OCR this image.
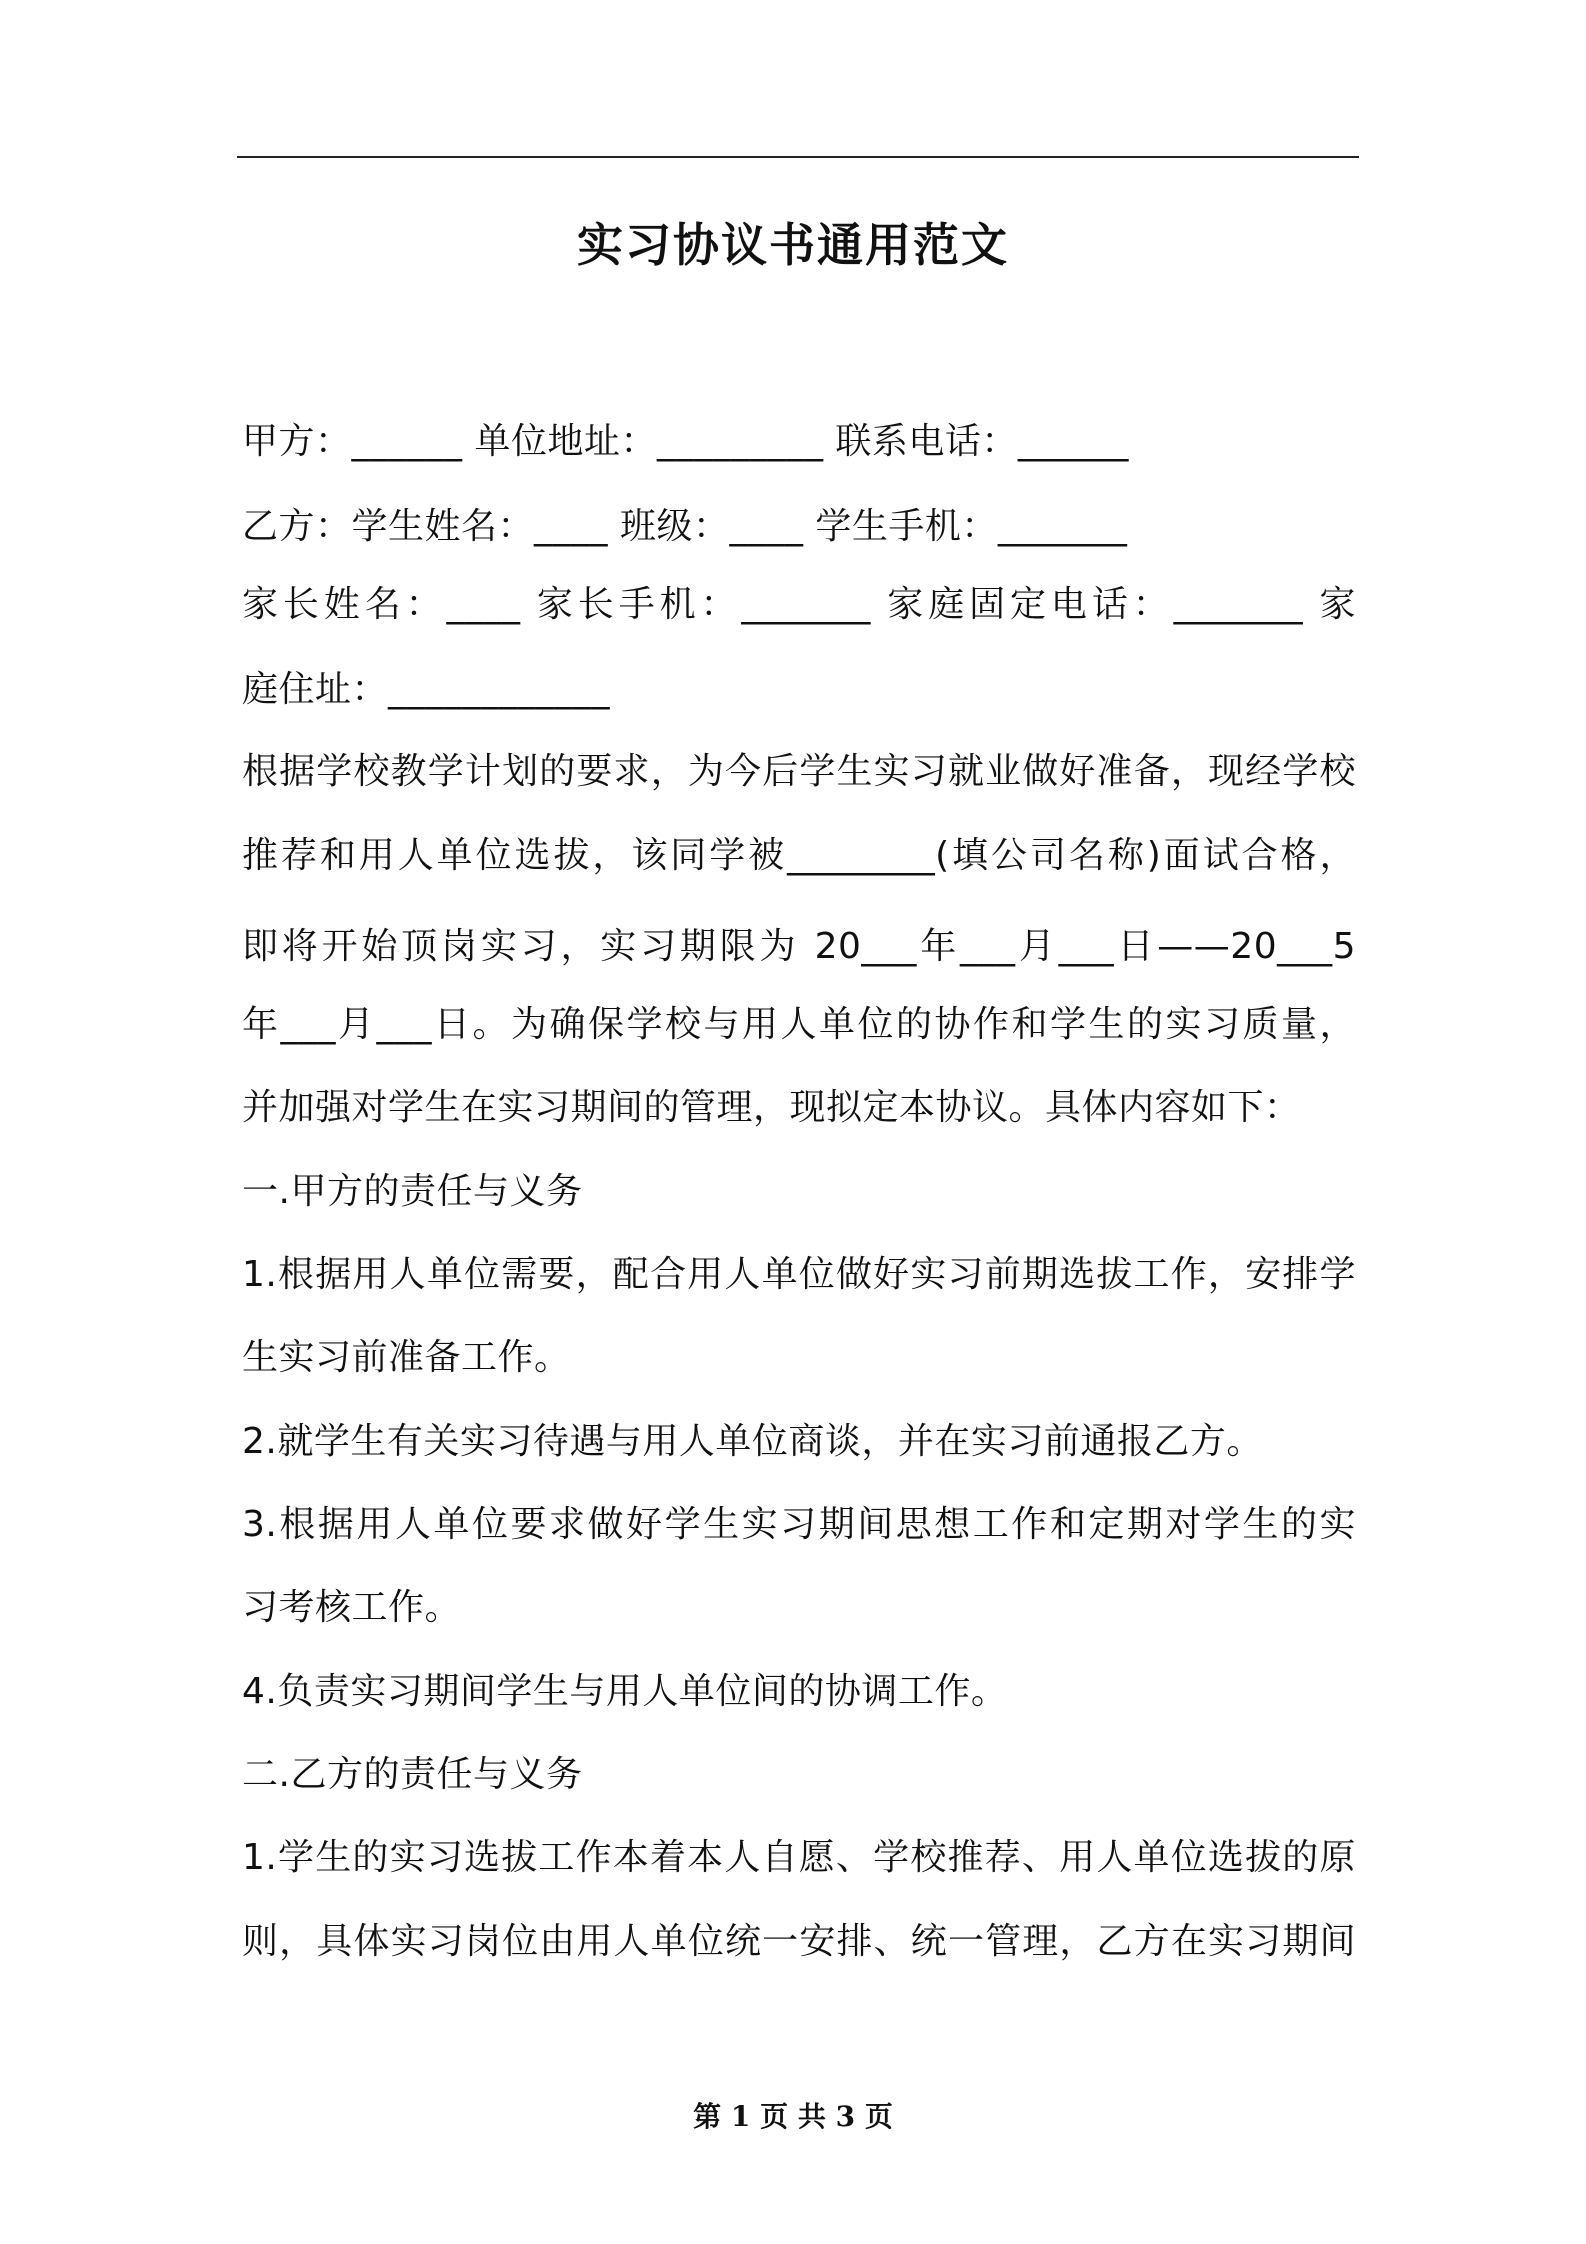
实习协议书通用范文
甲方：______ 单位地址：_________ 联系电话：______
乙方：学生姓名：____ 班级：____ 学生手机：_______
家长姓名：____ 家长手机：_______ 家庭固定电话：_______ 家
庭住址：____________
根据学校教学计划的要求，为今后学生实习就业做好准备，现经学校
推荐和用人单位选拔，该同学被________(填公司名称)面试合格，
即将开始顶岗实习，实习期限为 20___年___月___日——20___5
年___月___日。为确保学校与用人单位的协作和学生的实习质量，
并加强对学生在实习期间的管理，现拟定本协议。具体内容如下：
一.甲方的责任与义务
1.根据用人单位需要，配合用人单位做好实习前期选拔工作，安排学
生实习前准备工作。
2.就学生有关实习待遇与用人单位商谈，并在实习前通报乙方。
3.根据用人单位要求做好学生实习期间思想工作和定期对学生的实
习考核工作。
4.负责实习期间学生与用人单位间的协调工作。
二.乙方的责任与义务
1.学生的实习选拔工作本着本人自愿、学校推荐、用人单位选拔的原
则，具体实习岗位由用人单位统一安排、统一管理，乙方在实习期间
第 1 页 共 3 页
